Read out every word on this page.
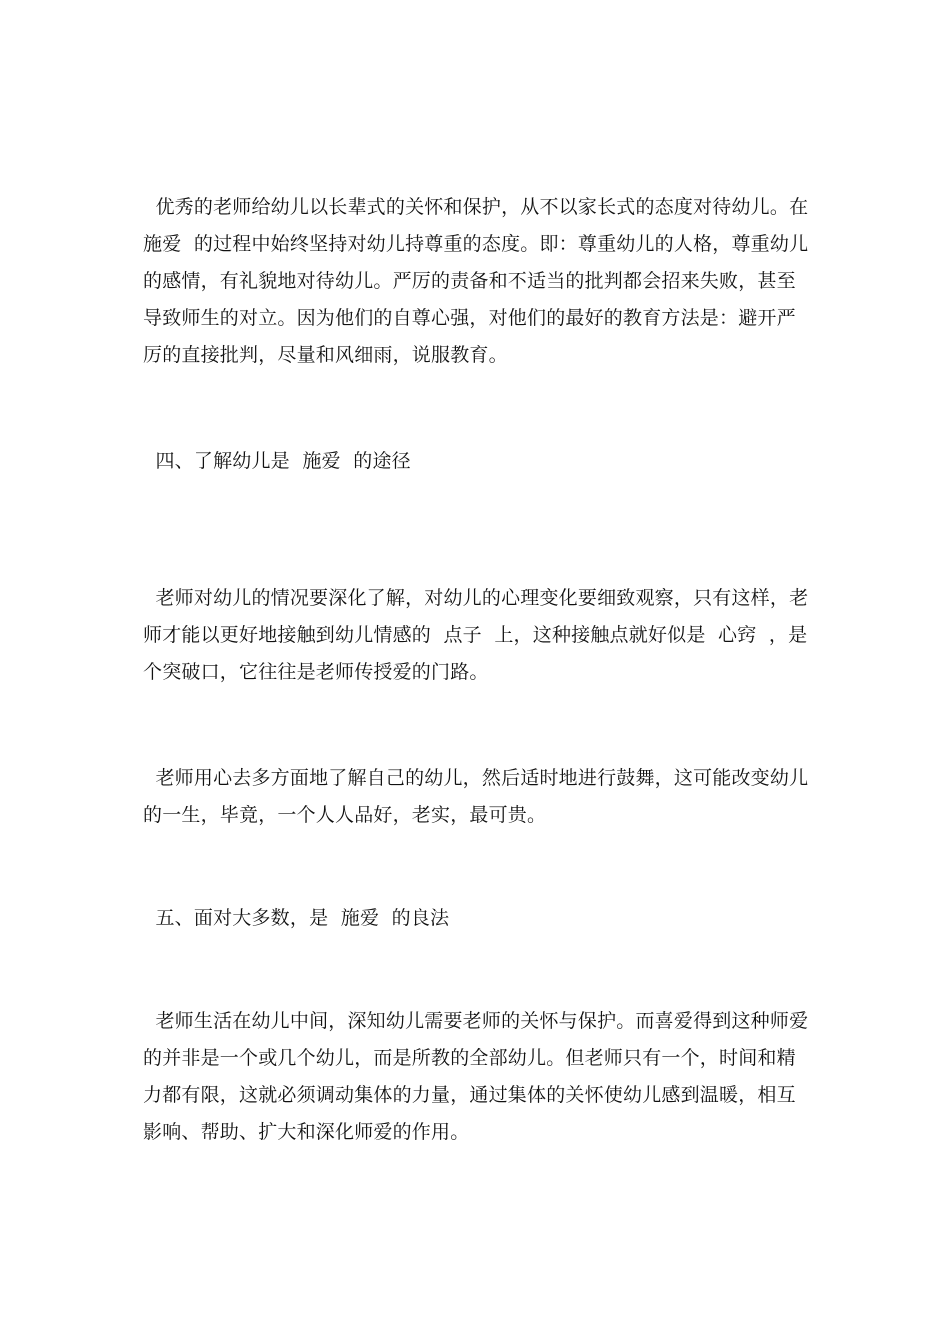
优秀的老师给幼儿以长辈式的关怀和保护，从不以家长式的态度对待幼儿。在
施爱  的过程中始终坚持对幼儿持尊重的态度。即：尊重幼儿的人格，尊重幼儿
的感情，有礼貌地对待幼儿。严厉的责备和不适当的批判都会招来失败，甚至
导致师生的对立。因为他们的自尊心强，对他们的最好的教育方法是：避开严
厉的直接批判，尽量和风细雨，说服教育。
四、了解幼儿是  施爱  的途径
老师对幼儿的情况要深化了解，对幼儿的心理变化要细致观察，只有这样，老
师才能以更好地接触到幼儿情感的  点子  上，这种接触点就好似是  心窍  ，是
个突破口，它往往是老师传授爱的门路。
老师用心去多方面地了解自己的幼儿，然后适时地进行鼓舞，这可能改变幼儿
的一生，毕竟，一个人人品好，老实，最可贵。
五、面对大多数，是  施爱  的良法
老师生活在幼儿中间，深知幼儿需要老师的关怀与保护。而喜爱得到这种师爱
的并非是一个或几个幼儿，而是所教的全部幼儿。但老师只有一个，时间和精
力都有限，这就必须调动集体的力量，通过集体的关怀使幼儿感到温暖，相互
影响、帮助、扩大和深化师爱的作用。
